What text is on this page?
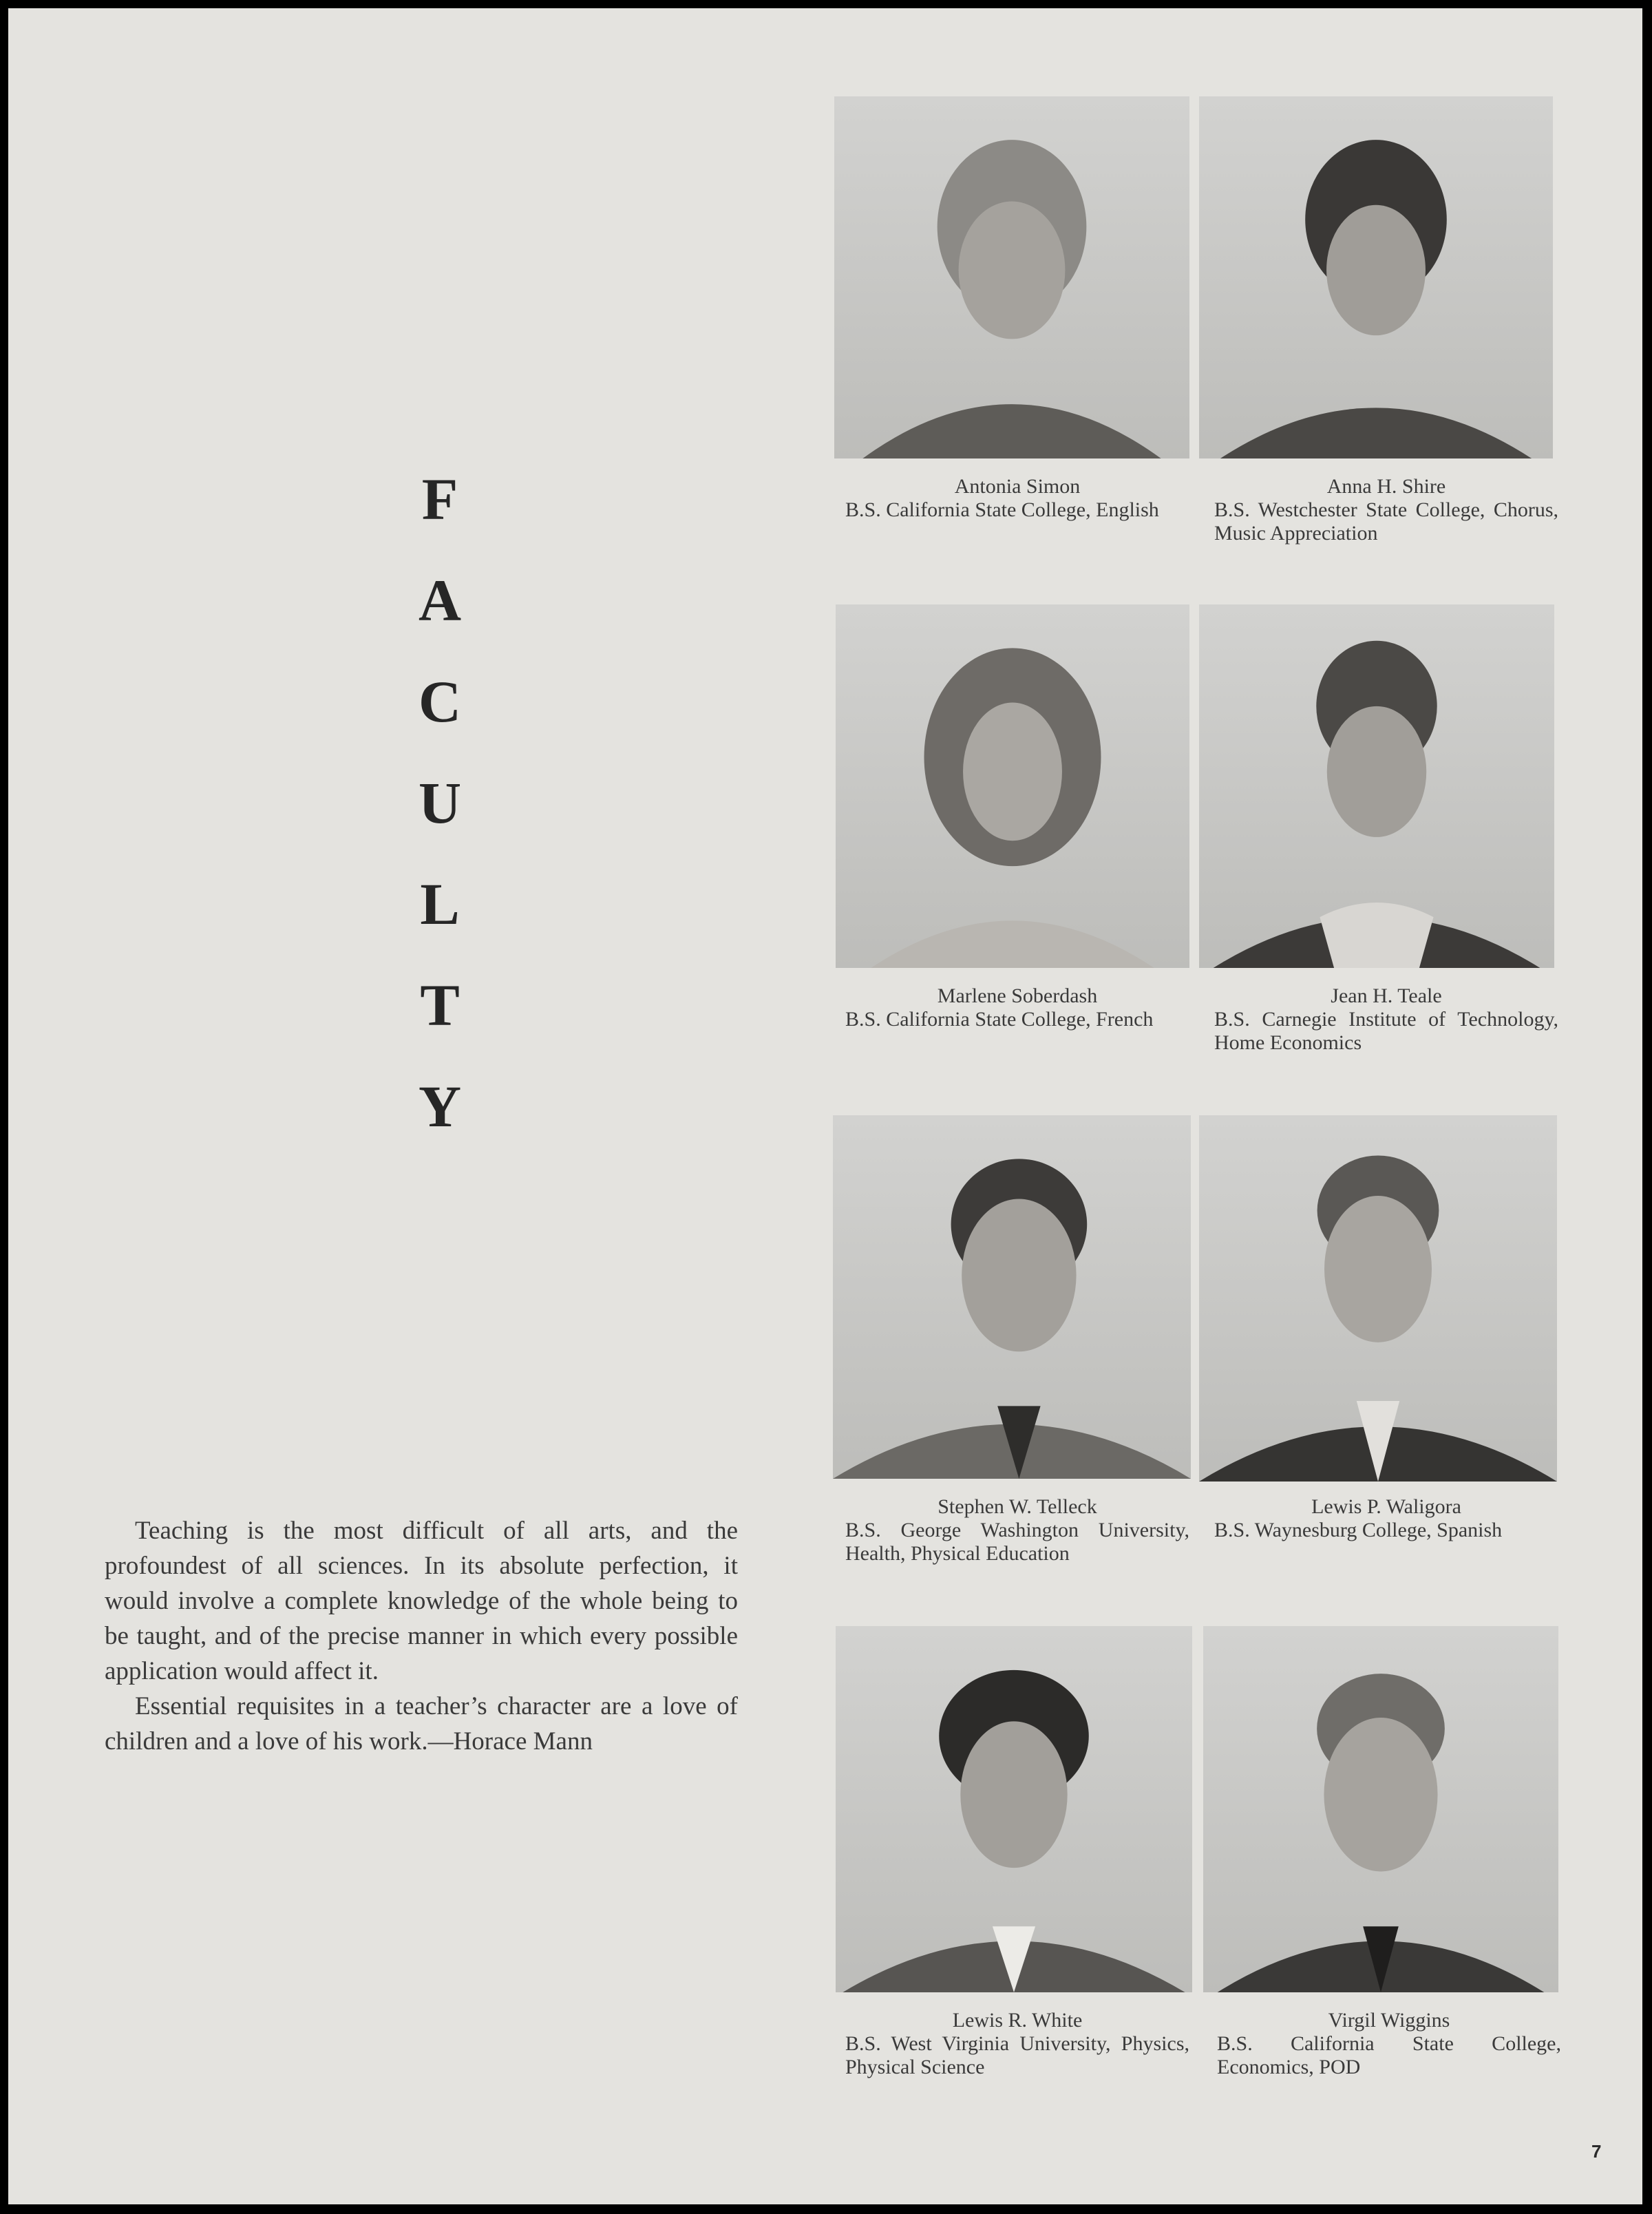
F
A
C
U
L
T
Y

Teaching is the most difficult of all arts, and the profoundest of all sciences. In its absolute perfection, it would involve a complete knowledge of the whole being to be taught, and of the precise manner in which every possible application would affect it.

Essential requisites in a teacher’s character are a love of children and a love of his work.—Horace Mann

Antonia Simon
B.S. California State College, English
Anna H. Shire
B.S. Westchester State College, Chorus, Music Appreciation
Marlene Soberdash
B.S. California State College, French
Jean H. Teale
B.S. Carnegie Institute of Technology, Home Economics
Stephen W. Telleck
B.S. George Washington University, Health, Physical Education
Lewis P. Waligora
B.S. Waynesburg College, Spanish
Lewis R. White
B.S. West Virginia University, Physics, Physical Science
Virgil Wiggins
B.S. California State College, Economics, POD
7
